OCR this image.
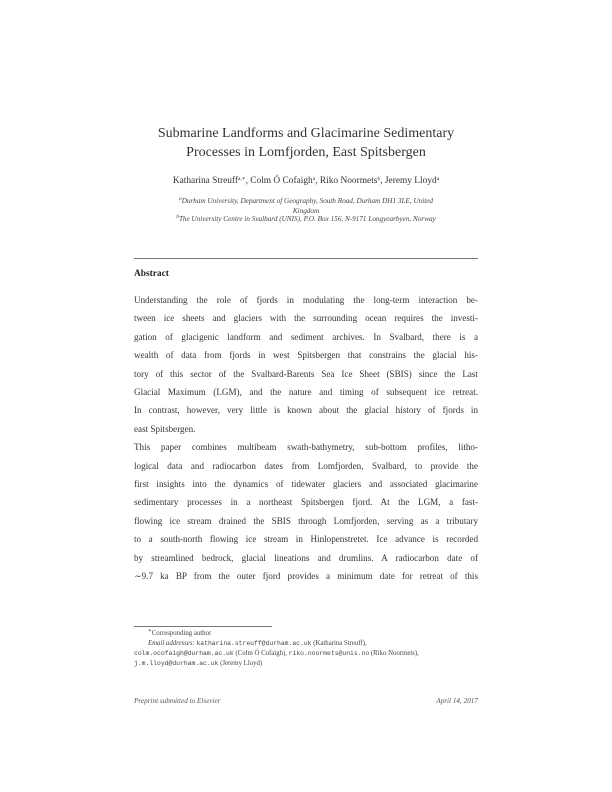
Submarine Landforms and Glacimarine Sedimentary
Processes in Lomfjorden, East Spitsbergen
Katharina Streuff$^{a,∗}$, Colm Ó Cofaigh$^a$, Riko Noormets$^b$, Jeremy Lloyd$^a$
$^a$Durham University, Department of Geography, South Road, Durham DH1 3LE, United
Kingdom
$^b$The University Centre in Svalbard (UNIS), P.O. Box 156, N-9171 Longyearbyen, Norway
Abstract

Understanding the role of fjords in modulating the long-term interaction be-
tween ice sheets and glaciers with the surrounding ocean requires the investi-
gation of glacigenic landform and sediment archives. In Svalbard, there is a
wealth of data from fjords in west Spitsbergen that constrains the glacial his-
tory of this sector of the Svalbard-Barents Sea Ice Sheet (SBIS) since the Last
Glacial Maximum (LGM), and the nature and timing of subsequent ice retreat.
In contrast, however, very little is known about the glacial history of fjords in
east Spitsbergen.

This paper combines multibeam swath-bathymetry, sub-bottom profiles, litho-
logical data and radiocarbon dates from Lomfjorden, Svalbard, to provide the
first insights into the dynamics of tidewater glaciers and associated glacimarine
sedimentary processes in a northeast Spitsbergen fjord. At the LGM, a fast-
flowing ice stream drained the SBIS through Lomfjorden, serving as a tributary
to a south-north flowing ice stream in Hinlopenstretet. Ice advance is recorded
by streamlined bedrock, glacial lineations and drumlins. A radiocarbon date of
∼9.7 ka BP from the outer fjord provides a minimum date for retreat of this

∗Corresponding author
Email addresses: katharina.streuff@durham.ac.uk (Katharina Streuff),
colm.ocofaigh@durham.ac.uk (Colm Ó Cofaigh), riko.noormets@unis.no (Riko Noormets),
j.m.lloyd@durham.ac.uk (Jeremy Lloyd)
Preprint submitted to Elsevier	April 14, 2017
